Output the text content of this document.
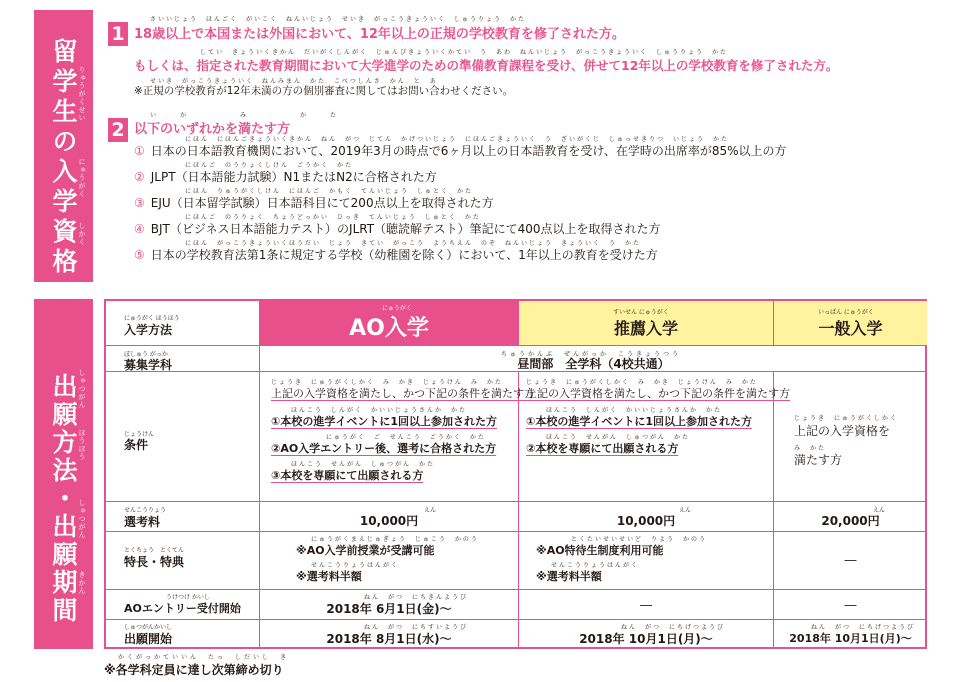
留学生の入学資格 りゅうがくせい
にゅうがく
しかく
1
さいいじょう　ほんごく　がいこく　ねんいじょう　せいき　がっこうきょういく　しゅうりょう　かた
18歳以上で本国または外国において、12年以上の正規の学校教育を修了された方。
してい　きょういくきかん　だいがくしんがく　じゅんびきょういくかてい　う　あわ　ねんいじょう　がっこうきょういく　しゅうりょう　かた
もしくは、指定された教育期間において大学進学のための準備教育課程を受け、併せて12年以上の学校教育を修了された方。
せいき　がっこうきょういく　ねんみまん　かた　こべつしんさ　かん　と　あ
※正規の学校教育が12年未満の方の個別審査に関してはお問い合わせください。
2
いか　み　かた
以下のいずれかを満たす方
にほん　にほんごきょういくきかん　ねん　がつ　じてん　かげついじょう　にほんごきょういく　う　ざいがくじ　しゅっせきりつ　いじょう　かた
① 日本の日本語教育機関において、2019年3月の時点で6ヶ月以上の日本語教育を受け、在学時の出席率が85%以上の方
にほんご　のうりょくしけん　ごうかく　かた
② JLPT（日本語能力試験）N1またはN2に合格された方
にほん　りゅうがくしけん　にほんご　かもく　てんいじょう　しゅとく　かた
③ EJU（日本留学試験）日本語科目にて200点以上を取得された方
にほんご　のうりょく　ちょうどっかい　ひっき　てんいじょう　しゅとく　かた
④ BJT（ビジネス日本語能力テスト）のJLRT（聴読解テスト）筆記にて400点以上を取得された方
にほん　がっこうきょういくほうだい　じょう　きてい　がっこう　ようちえん　のぞ　ねんいじょう　きょういく　う　かた
⑤ 日本の学校教育法第1条に規定する学校（幼稚園を除く）において、1年以上の教育を受けた方
出願方法・出願期間 しゅつがん
ほうほう
しゅつがん
きかん
にゅうがく ほうほう
入学方法
にゅうがく
AO入学
すいせん にゅうがく
推薦入学
いっぱん にゅうがく
一般入学
ぼしゅう がっか
募集学科
ちゅうかんぶ　ぜんがっか　こうきょうつう
昼間部　全学科（4校共通）
じょうけん
条件
じょうき　にゅうがくしかく　み　かき　じょうけん　み　かた
上記の入学資格を満たし、かつ下記の条件を満たす方
ほんこう　しんがく　かいいじょうさんか　かた
①本校の進学イベントに1回以上参加された方
にゅうがく　ご　せんこう　ごうかく　かた
②AO入学エントリー後、選考に合格された方
ほんこう　せんがん　しゅつがん　かた
③本校を専願にて出願される方
じょうき　にゅうがくしかく　み　かき　じょうけん　み　かた
上記の入学資格を満たし、かつ下記の条件を満たす方
ほんこう　しんがく　かいいじょうさんか　かた
①本校の進学イベントに1回以上参加された方
ほんこう　せんがん　しゅつがん　かた
②本校を専願にて出願される方
じょうき　にゅうがくしかく
上記の入学資格を
み　かた
満たす方
せんこうりょう
選考料
えん
10,000円
えん
10,000円
えん
20,000円
とくちょう　とくてん
特長・特典
にゅうがくまえじゅぎょう　じゅこう　かのう
※AO入学前授業が受講可能
せんこうりょうはんがく
※選考料半額
とくたいせいせいど　りよう　かのう
※AO特待生制度利用可能
せんこうりょうはんがく
※選考料半額
―
うけつけ かいし
AOエントリー受付開始
ねん　がつ　にちきんようび
2018年 6月1日(金)～	―	―
しゅつがんかいし
出願開始
ねん　がつ　にちすいようび
2018年 8月1日(水)～
ねん　がつ　にちげつようび
2018年 10月1日(月)～
ねん　がつ　にちげつようび
2018年 10月1日(月)～
かくがっかていいん　たっ　しだいし　き
※各学科定員に達し次第締め切り
